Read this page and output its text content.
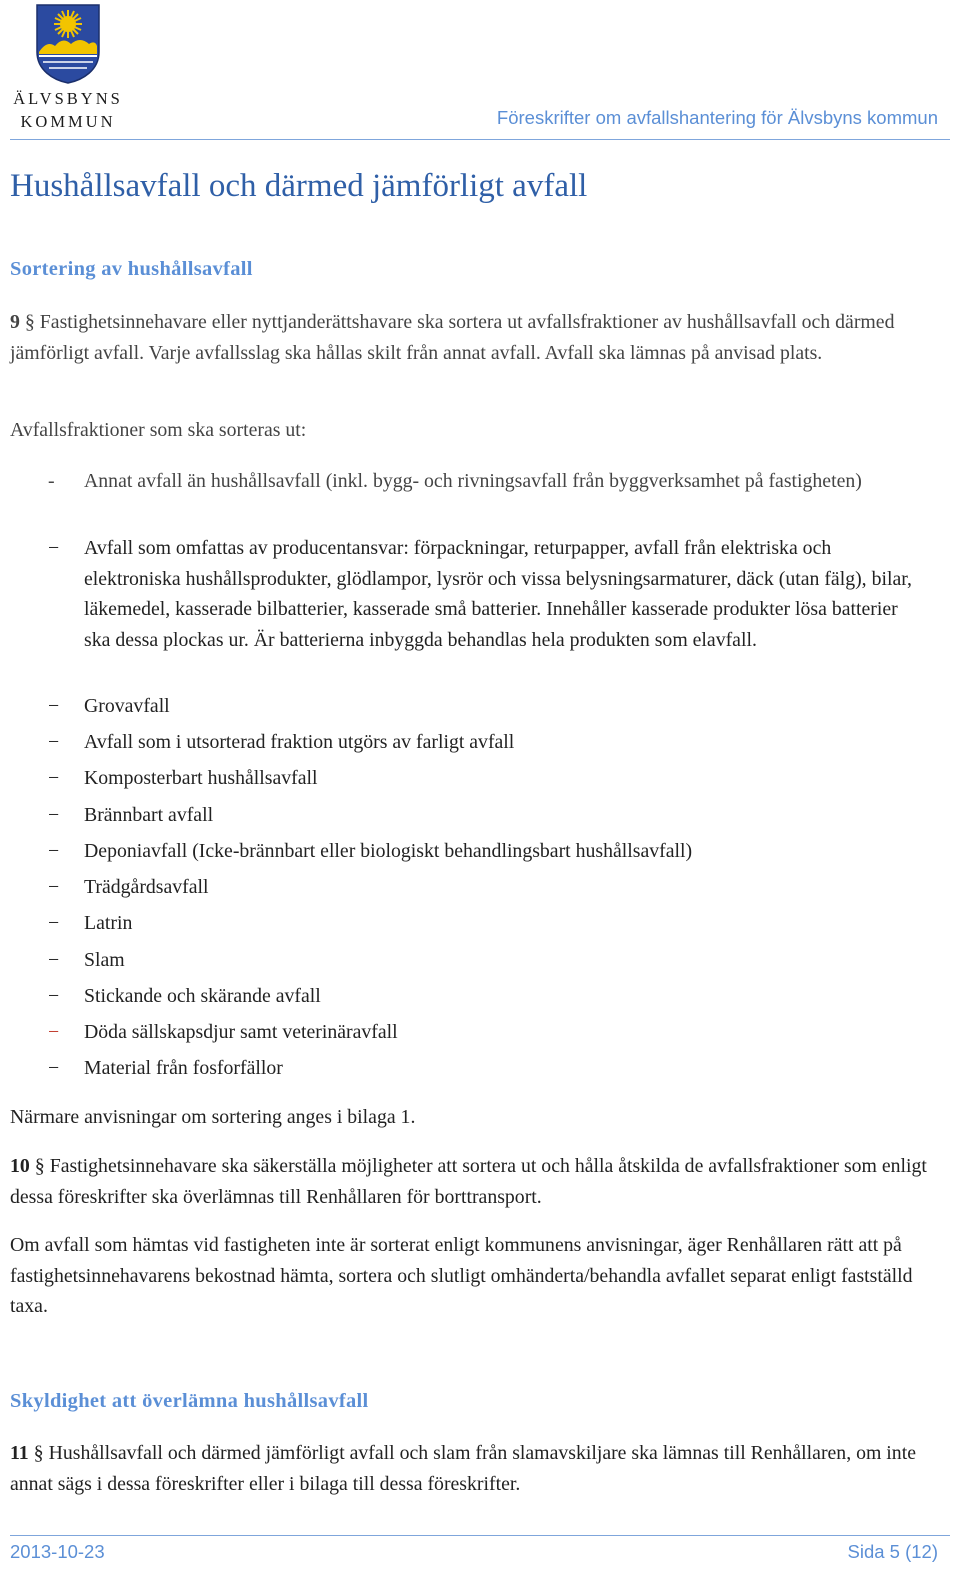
ÄLVSBYNS
KOMMUN	Föreskrifter om avfallshantering för Älvsbyns kommun
Hushållsavfall och därmed jämförligt avfall
Sortering av hushållsavfall

9 § Fastighetsinnehavare eller nyttjanderättshavare ska sortera ut avfallsfraktioner av hushållsavfall och därmed jämförligt avfall. Varje avfallsslag ska hållas skilt från annat avfall. Avfall ska lämnas på anvisad plats.

Avfallsfraktioner som ska sorteras ut:

-	Annat avfall än hushållsavfall (inkl. bygg- och rivningsavfall från byggverksamhet på fastigheten)
−	Avfall som omfattas av producentansvar: förpackningar, returpapper, avfall från elektriska och elektroniska hushållsprodukter, glödlampor, lysrör och vissa belysningsarmaturer, däck (utan fälg), bilar, läkemedel, kasserade bilbatterier, kasserade små batterier. Innehåller kasserade produkter lösa batterier ska dessa plockas ur. Är batterierna inbyggda behandlas hela produkten som elavfall.
−	Grovavfall
−	Avfall som i utsorterad fraktion utgörs av farligt avfall
−	Komposterbart hushållsavfall
−	Brännbart avfall
−	Deponiavfall (Icke-brännbart eller biologiskt behandlingsbart hushållsavfall)
−	Trädgårdsavfall
−	Latrin
−	Slam
−	Stickande och skärande avfall
−	Döda sällskapsdjur samt veterinäravfall
−	Material från fosforfällor

Närmare anvisningar om sortering anges i bilaga 1.

10 § Fastighetsinnehavare ska säkerställa möjligheter att sortera ut och hålla åtskilda de avfallsfraktioner som enligt dessa föreskrifter ska överlämnas till Renhållaren för borttransport.

Om avfall som hämtas vid fastigheten inte är sorterat enligt kommunens anvisningar, äger Renhållaren rätt att på fastighetsinnehavarens bekostnad hämta, sortera och slutligt omhänderta/behandla avfallet separat enligt fastställd taxa.

Skyldighet att överlämna hushållsavfall

11 § Hushållsavfall och därmed jämförligt avfall och slam från slamavskiljare ska lämnas till Renhållaren, om inte annat sägs i dessa föreskrifter eller i bilaga till dessa föreskrifter.

2013-10-23	Sida 5 (12)
